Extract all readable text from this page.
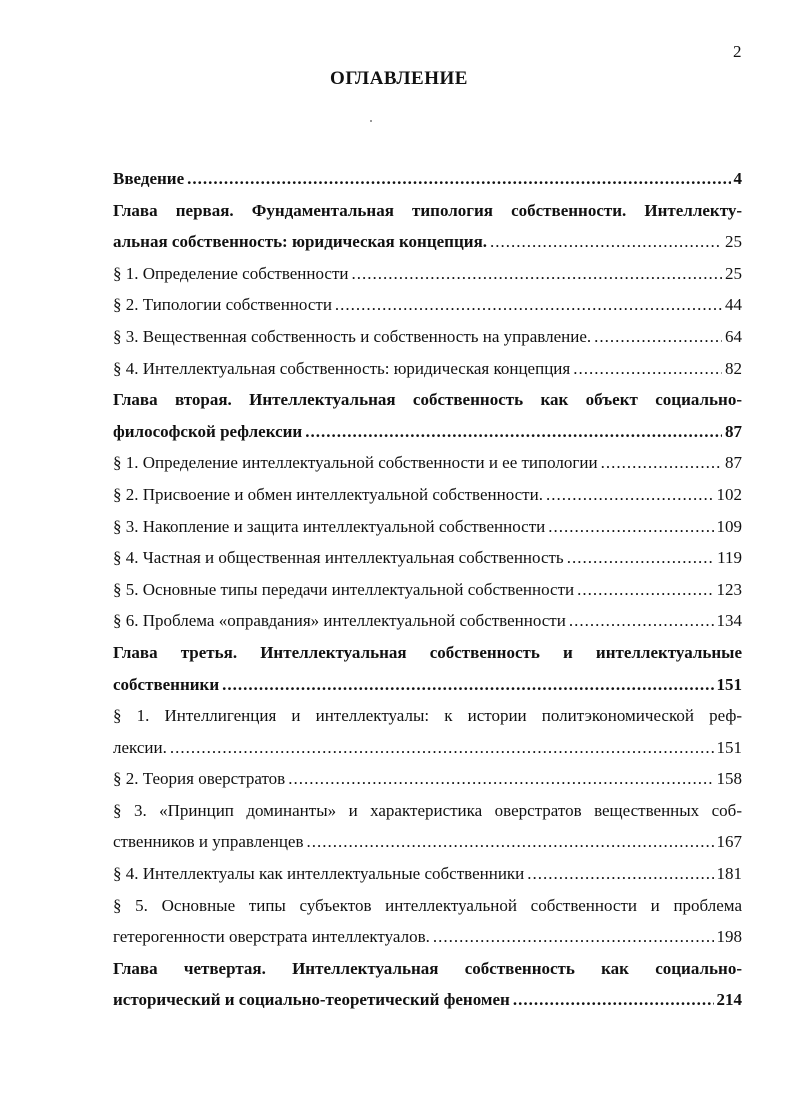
2
ОГЛАВЛЕНИЕ
Введение .....	4
Глава первая. Фундаментальная типология собственности. Интеллекту-
альная собственность: юридическая концепция. .....	25
§ 1. Определение собственности .....	25
§ 2. Типологии собственности .....	44
§ 3. Вещественная собственность и собственность на управление. .....	64
§ 4. Интеллектуальная собственность: юридическая концепция .....	82
Глава вторая. Интеллектуальная собственность как объект социально-
философской рефлексии .....	87
§ 1. Определение интеллектуальной собственности и ее типологии .....	87
§ 2. Присвоение и обмен интеллектуальной собственности. .....	102
§ 3. Накопление и защита интеллектуальной собственности .....	109
§ 4. Частная и общественная интеллектуальная собственность .....	119
§ 5. Основные типы передачи интеллектуальной собственности .....	123
§ 6. Проблема «оправдания» интеллектуальной собственности .....	134
Глава третья. Интеллектуальная собственность и интеллектуальные
собственники .....	151
§ 1. Интеллигенция и интеллектуалы: к истории политэкономической реф-
лексии. .....	151
§ 2. Теория оверстратов .....	158
§ 3. «Принцип доминанты» и характеристика оверстратов вещественных соб-
ственников и управленцев .....	167
§ 4. Интеллектуалы как интеллектуальные собственники .....	181
§ 5. Основные типы субъектов интеллектуальной собственности и проблема
гетерогенности оверстрата интеллектуалов. .....	198
Глава четвертая. Интеллектуальная собственность как социально-
исторический и социально-теоретический феномен .....	214
